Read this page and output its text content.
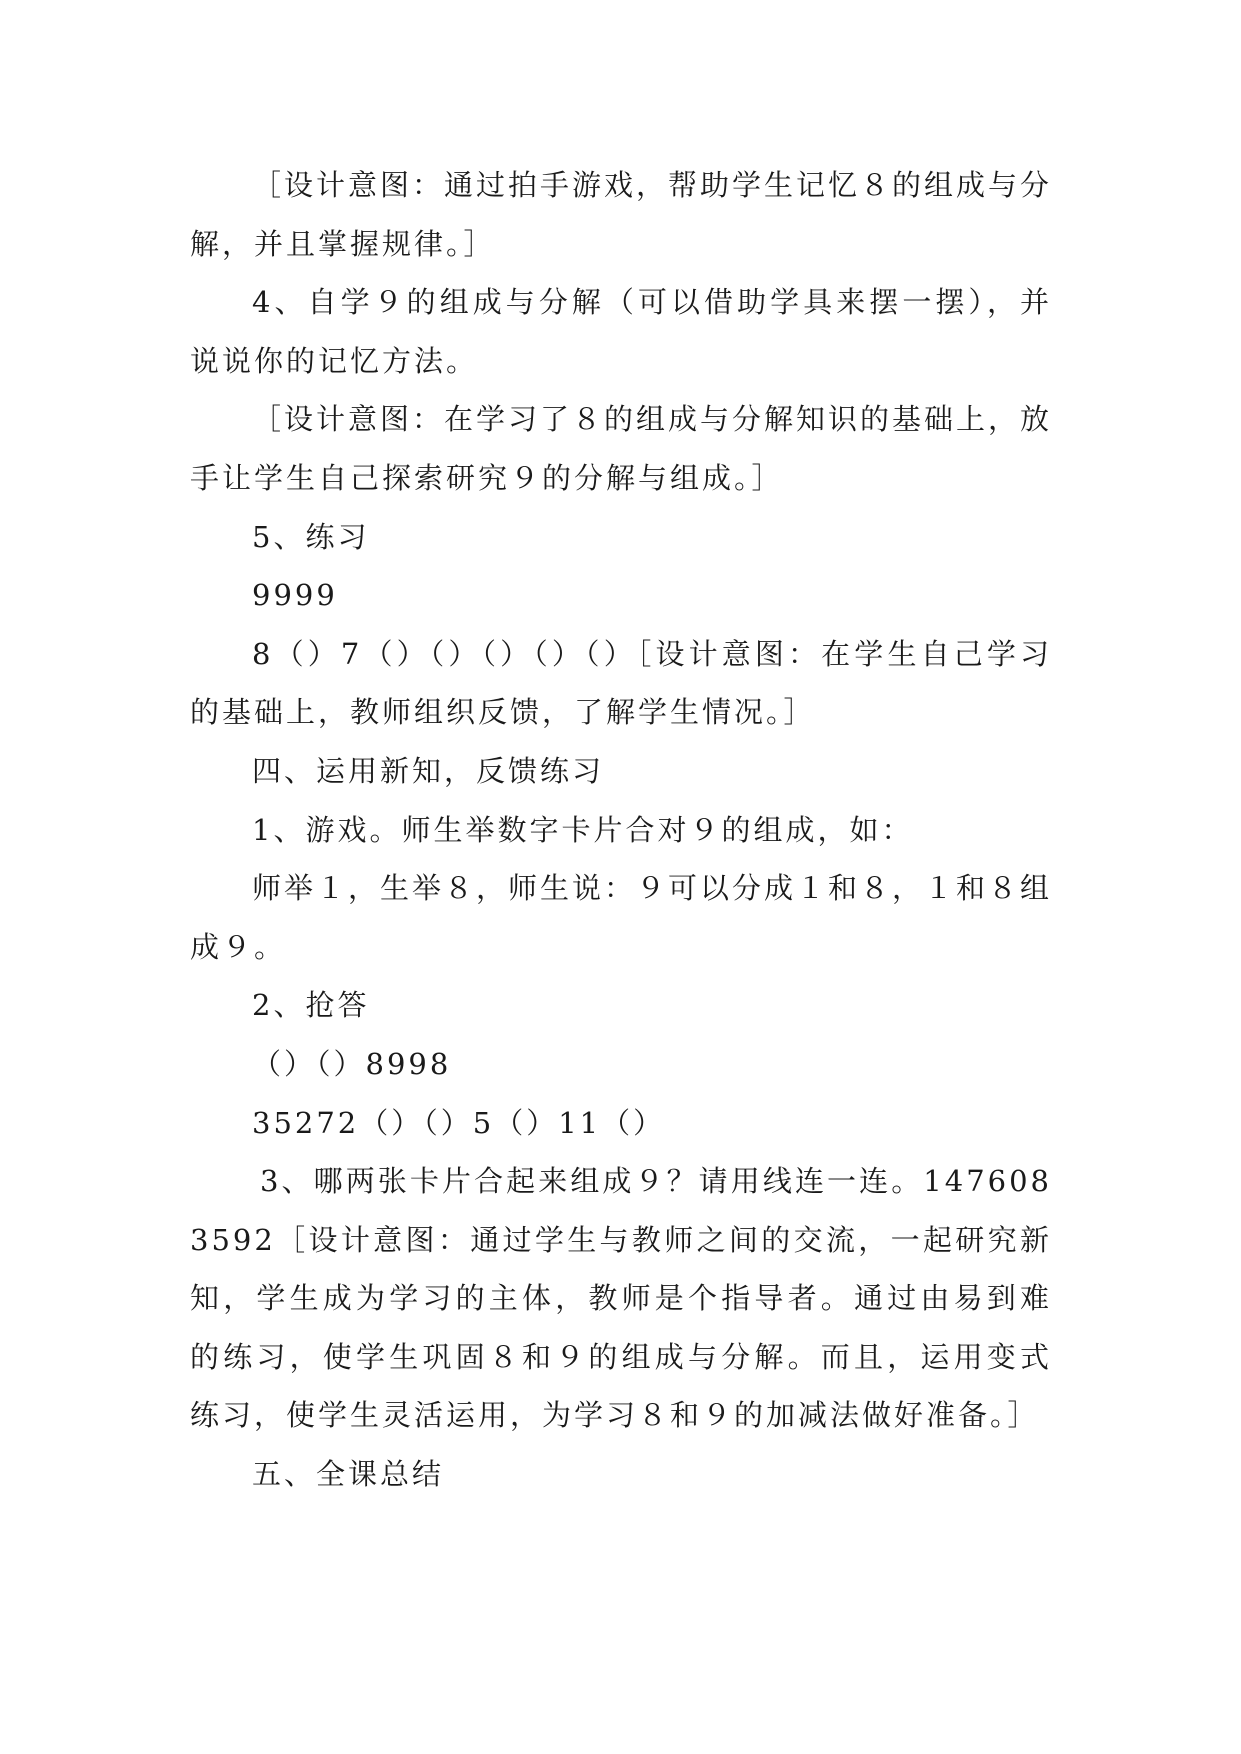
［设计意图：通过拍手游戏，帮助学生记忆８的组成与分解，并且掌握规律。］

4、自学９的组成与分解（可以借助学具来摆一摆），并说说你的记忆方法。

［设计意图：在学习了８的组成与分解知识的基础上，放手让学生自己探索研究９的分解与组成。］

5、练习

9999

8（）7（）（）（）（）（）［设计意图：在学生自己学习的基础上，教师组织反馈，了解学生情况。］

四、运用新知，反馈练习

1、游戏。师生举数字卡片合对９的组成，如：

师举１，生举８，师生说：９可以分成１和８，１和８组成９。

2、抢答

（）（）8998

35272（）（）5（）11（）

3、哪两张卡片合起来组成９？请用线连一连。1476083592［设计意图：通过学生与教师之间的交流，一起研究新知，学生成为学习的主体，教师是个指导者。通过由易到难的练习，使学生巩固８和９的组成与分解。而且，运用变式练习，使学生灵活运用，为学习８和９的加减法做好准备。］

五、全课总结
